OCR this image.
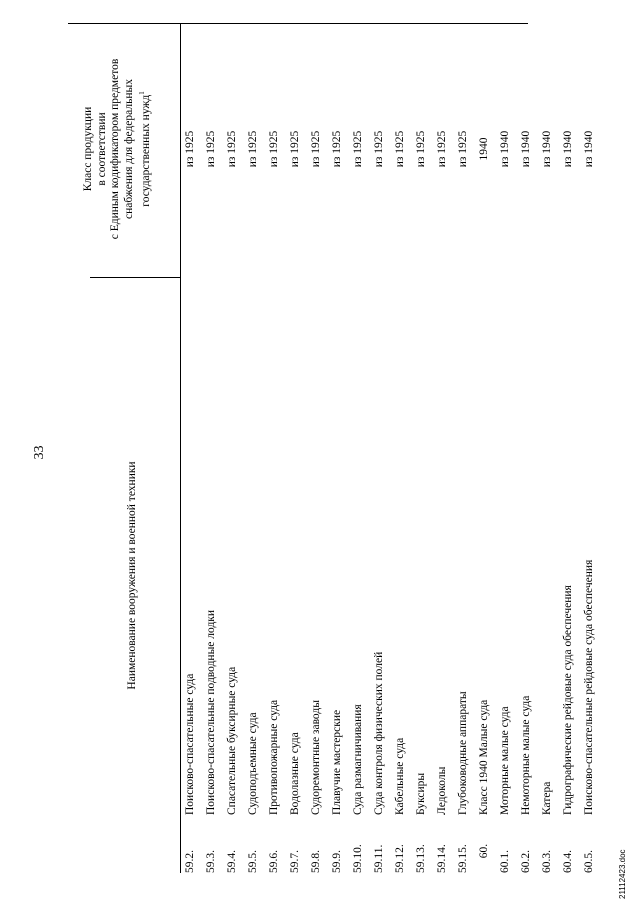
33
Наименование вооружения и военной техники
Класс продукции в соответствии с Единым кодификатором предметов снабжения для федеральных государственных нужд$^1$
59.2.
Поисково-спасательные суда
из 1925
59.3.
Поисково-спасательные подводные лодки
из 1925
59.4.
Спасательные буксирные суда
из 1925
59.5.
Судоподъемные суда
из 1925
59.6.
Противопожарные суда
из 1925
59.7.
Водолазные суда
из 1925
59.8.
Судоремонтные заводы
из 1925
59.9.
Плавучие мастерские
из 1925
59.10.
Суда размагничивания
из 1925
59.11.
Суда контроля физических полей
из 1925
59.12.
Кабельные суда
из 1925
59.13.
Буксиры
из 1925
59.14.
Ледоколы
из 1925
59.15.
Глубоководные аппараты
из 1925
60.
Класс 1940 Малые суда
1940
60.1.
Моторные малые суда
из 1940
60.2.
Немоторные малые суда
из 1940
60.3.
Катера
из 1940
60.4.
Гидрографические рейдовые суда обеспечения
из 1940
60.5.
Поисково-спасательные рейдовые суда обеспечения
из 1940
21112423.doc
